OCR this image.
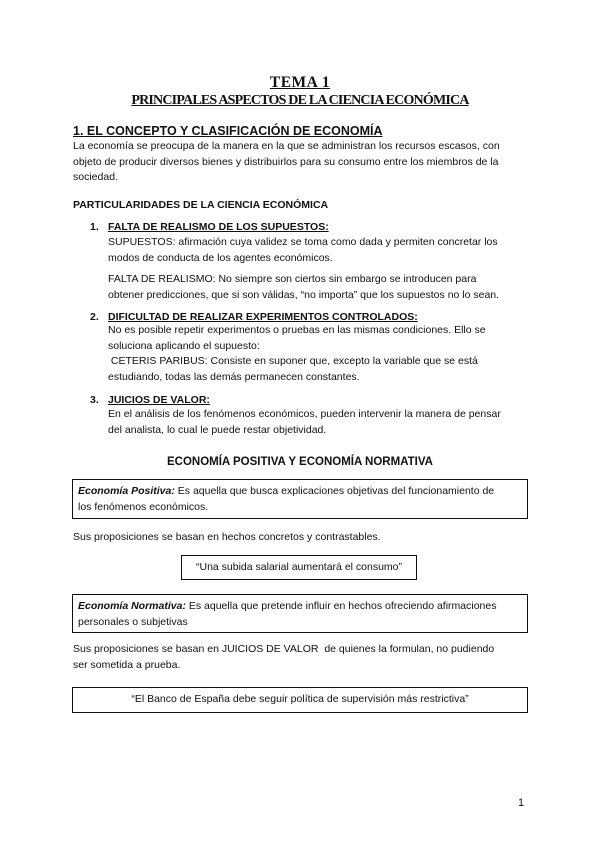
TEMA 1
PRINCIPALES ASPECTOS DE LA CIENCIA ECONÓMICA
1. EL CONCEPTO Y CLASIFICACIÓN DE ECONOMÍA
La economía se preocupa de la manera en la que se administran los recursos escasos, con
objeto de producir diversos bienes y distribuirlos para su consumo entre los miembros de la
sociedad.
PARTICULARIDADES DE LA CIENCIA ECONÓMICA
1. FALTA DE REALISMO DE LOS SUPUESTOS:
SUPUESTOS: afirmación cuya validez se toma como dada y permiten concretar los
modos de conducta de los agentes económicos.
FALTA DE REALISMO: No siempre son ciertos sin embargo se introducen para
obtener predicciones, que si son válidas, “no importa” que los supuestos no lo sean.
2. DIFICULTAD DE REALIZAR EXPERIMENTOS CONTROLADOS:
No es posible repetir experimentos o pruebas en las mismas condiciones. Ello se
soluciona aplicando el supuesto:
CETERIS PARIBUS: Consiste en suponer que, excepto la variable que se está
estudiando, todas las demás permanecen constantes.
3. JUICIOS DE VALOR:
En el análisis de los fenómenos económicos, pueden intervenir la manera de pensar
del analista, lo cual le puede restar objetividad.
ECONOMÍA POSITIVA Y ECONOMÍA NORMATIVA
Economía Positiva: Es aquella que busca explicaciones objetivas del funcionamiento de
los fenómenos económicos.
Sus proposiciones se basan en hechos concretos y contrastables.
“Una subida salarial aumentará el consumo”
Economía Normativa: Es aquella que pretende influir en hechos ofreciendo afirmaciones
personales o subjetivas
Sus proposiciones se basan en JUICIOS DE VALOR  de quienes la formulan, no pudiendo
ser sometida a prueba.
“El Banco de España debe seguir política de supervisión más restrictiva”
1
